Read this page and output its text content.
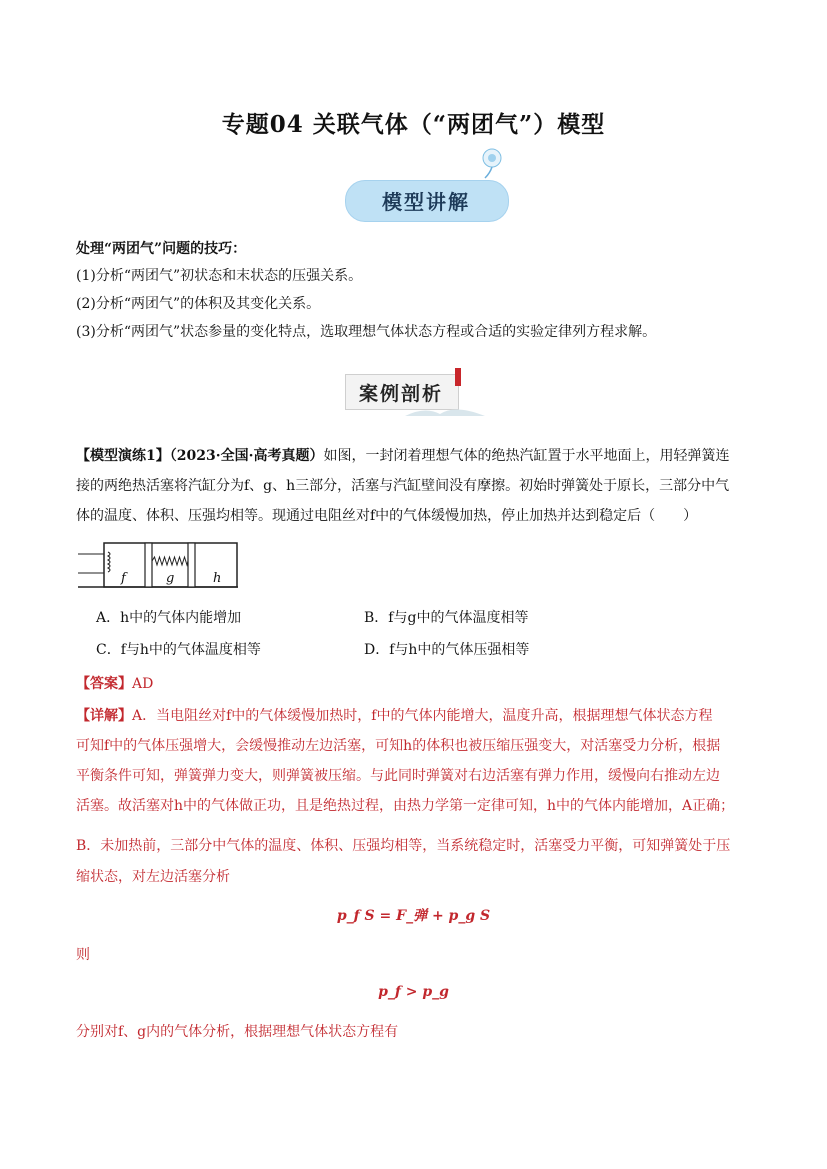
专题04 关联气体（“两团气”）模型
模型讲解
处理“两团气”问题的技巧：
(1)分析“两团气”初状态和末状态的压强关系。
(2)分析“两团气”的体积及其变化关系。
(3)分析“两团气”状态参量的变化特点，选取理想气体状态方程或合适的实验定律列方程求解。
案例剖析
【模型演练1】（2023·全国·高考真题）如图，一封闭着理想气体的绝热汽缸置于水平地面上，用轻弹簧连
接的两绝热活塞将汽缸分为f、g、h三部分，活塞与汽缸壁间没有摩擦。初始时弹簧处于原长，三部分中气
体的温度、体积、压强均相等。现通过电阻丝对f中的气体缓慢加热，停止加热并达到稳定后（　　）
f	g	h
A．h中的气体内能增加	B．f与g中的气体温度相等
C．f与h中的气体温度相等	D．f与h中的气体压强相等
【答案】AD
【详解】A．当电阻丝对f中的气体缓慢加热时，f中的气体内能增大，温度升高，根据理想气体状态方程
可知f中的气体压强增大，会缓慢推动左边活塞，可知h的体积也被压缩压强变大，对活塞受力分析，根据
平衡条件可知，弹簧弹力变大，则弹簧被压缩。与此同时弹簧对右边活塞有弹力作用，缓慢向右推动左边
活塞。故活塞对h中的气体做正功，且是绝热过程，由热力学第一定律可知，h中的气体内能增加，A正确；
B．未加热前，三部分中气体的温度、体积、压强均相等，当系统稳定时，活塞受力平衡，可知弹簧处于压
缩状态，对左边活塞分析
p_f S = F_弹 + p_g S
则
p_f > p_g
分别对f、g内的气体分析，根据理想气体状态方程有
